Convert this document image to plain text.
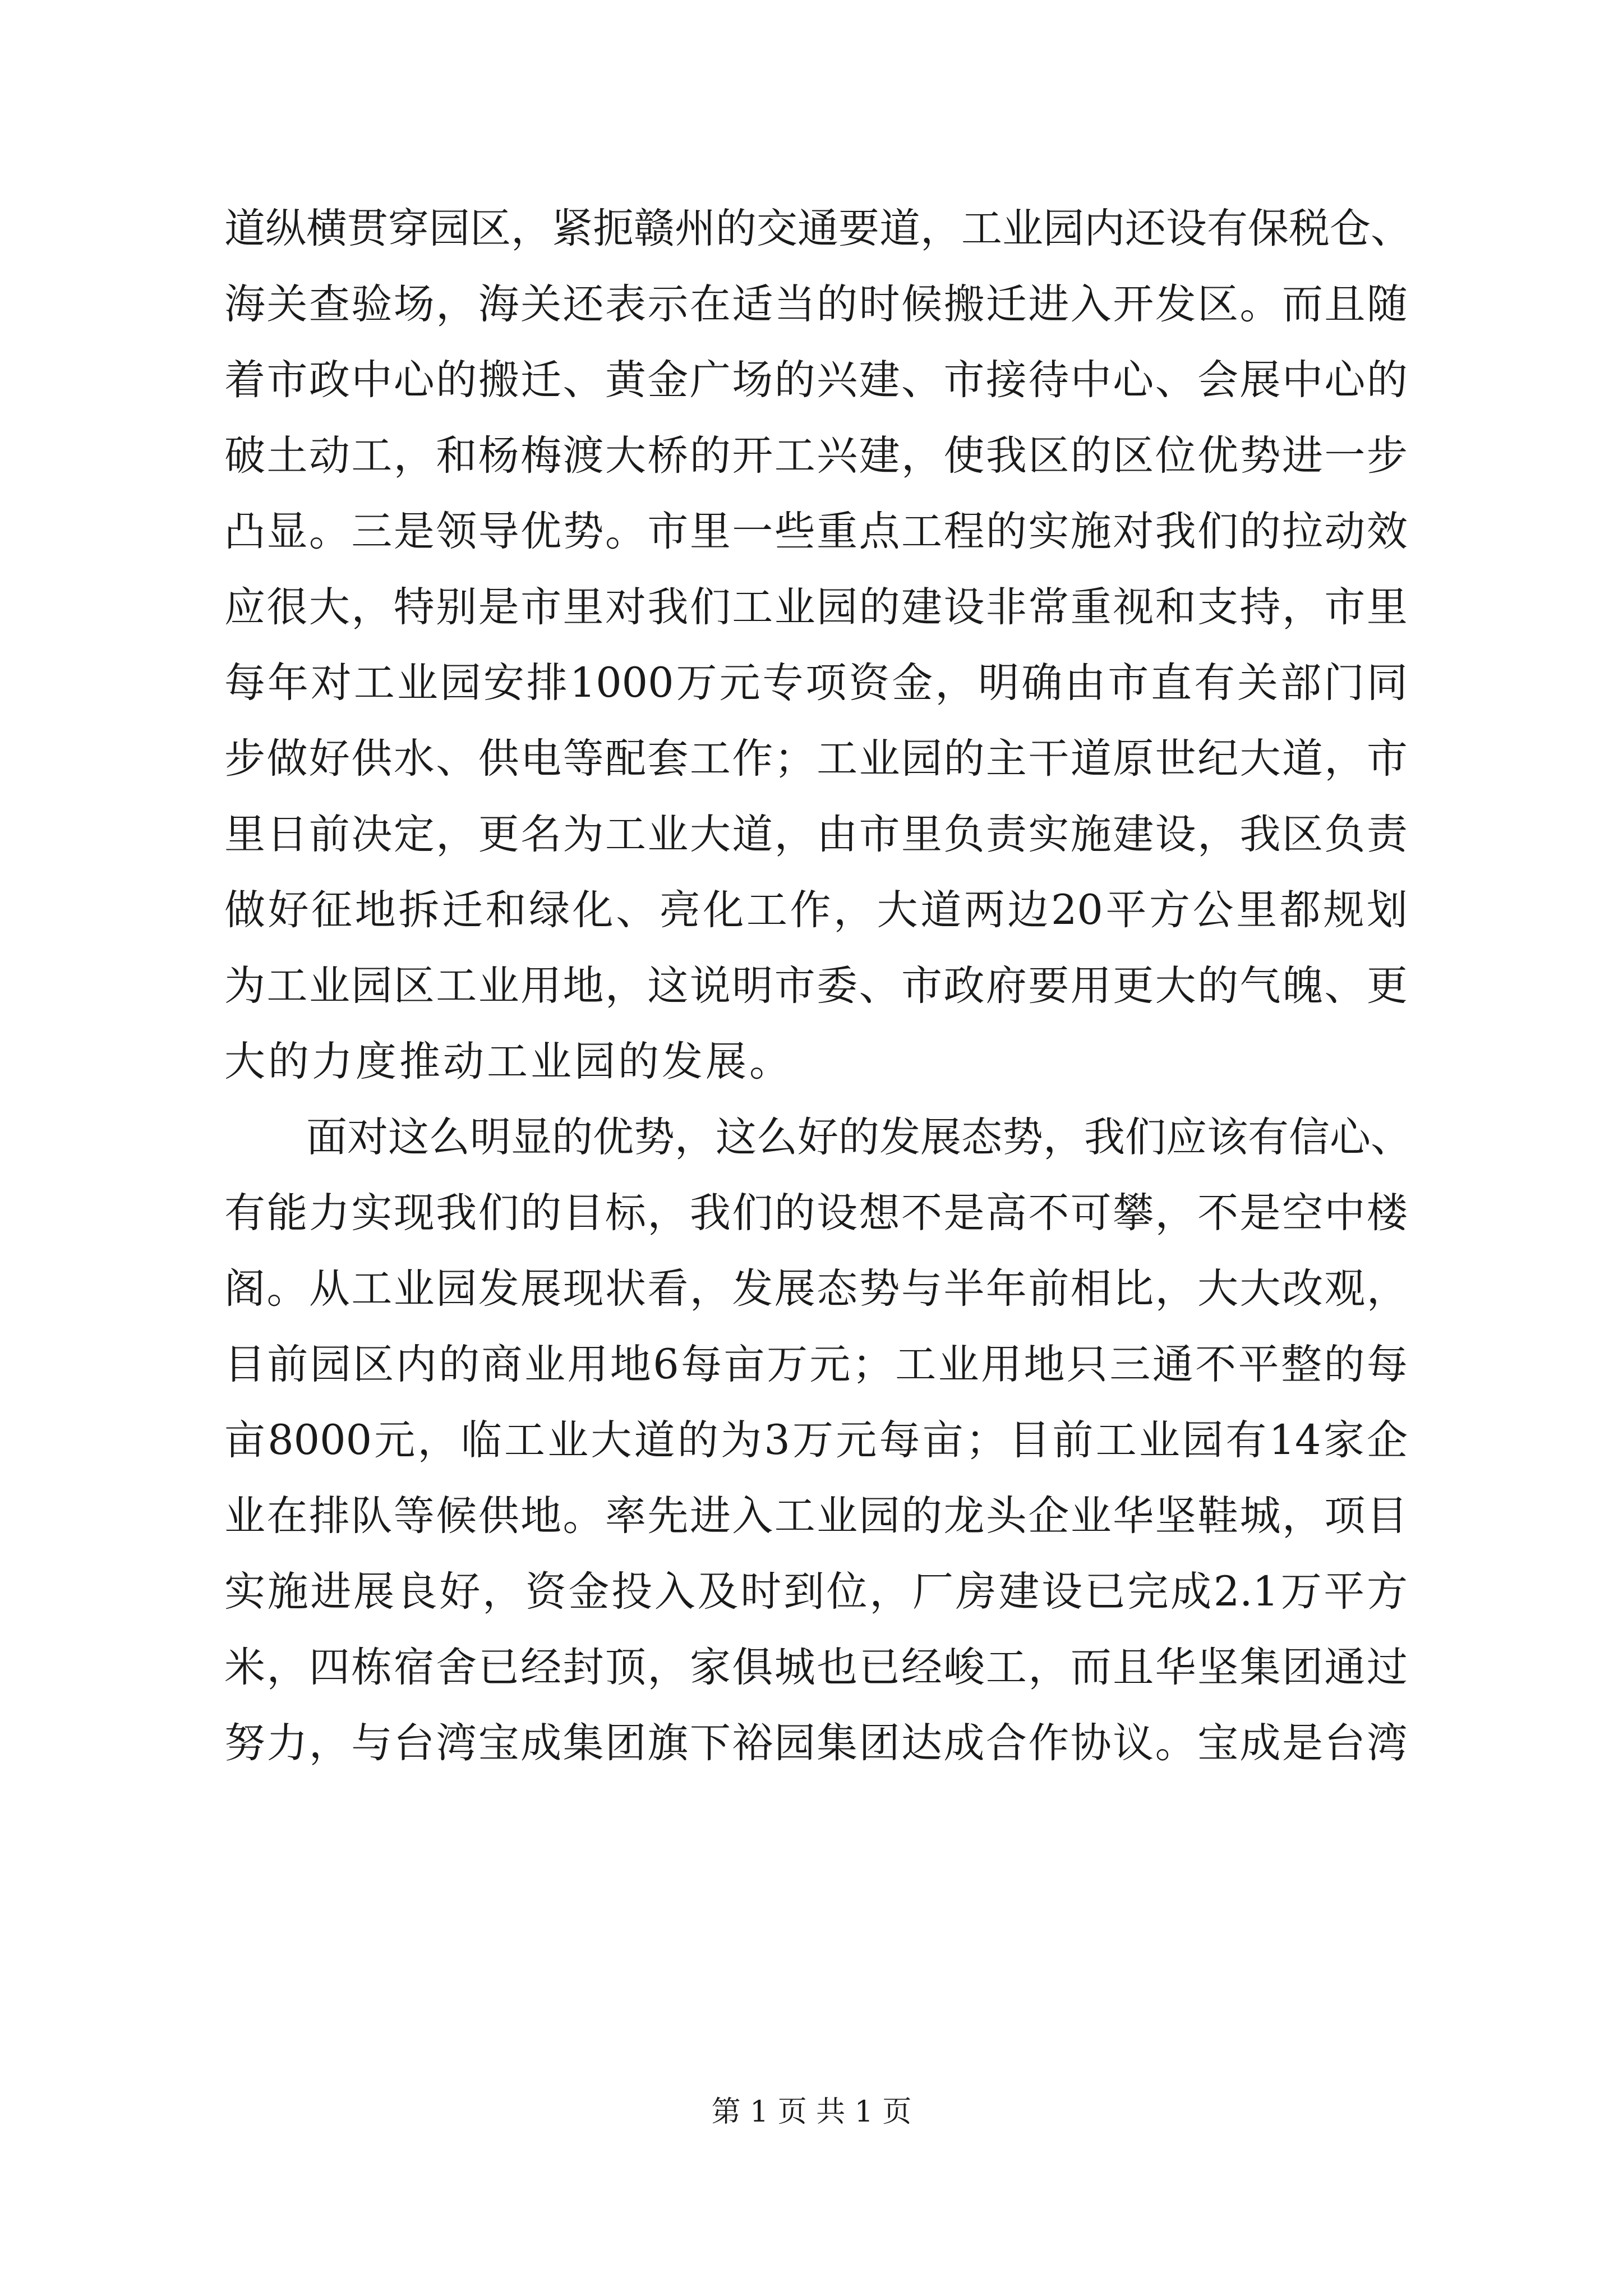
道 纵 横 贯 穿 园 区 ， 紧 扼 赣 州 的 交 通 要 道 ， 工 业 园 内 还 设 有 保 税 仓 、
海 关 查 验 场 ， 海 关 还 表 示 在 适 当 的 时 候 搬 迁 进 入 开 发 区 。 而 且 随
着 市 政 中 心 的 搬 迁 、 黄 金 广 场 的 兴 建 、 市 接 待 中 心 、 会 展 中 心 的
破 土 动 工 ， 和 杨 梅 渡 大 桥 的 开 工 兴 建 ， 使 我 区 的 区 位 优 势 进 一 步
凸 显 。 三 是 领 导 优 势 。 市 里 一 些 重 点 工 程 的 实 施 对 我 们 的 拉 动 效
应 很 大 ， 特 别 是 市 里 对 我 们 工 业 园 的 建 设 非 常 重 视 和 支 持 ， 市 里
每 年 对 工 业 园 安 排 1000 万 元 专 项 资 金 ， 明 确 由 市 直 有 关 部 门 同
步 做 好 供 水 、 供 电 等 配 套 工 作 ； 工 业 园 的 主 干 道 原 世 纪 大 道 ， 市
里 日 前 决 定 ， 更 名 为 工 业 大 道 ， 由 市 里 负 责 实 施 建 设 ， 我 区 负 责
做 好 征 地 拆 迁 和 绿 化 、 亮 化 工 作 ， 大 道 两 边 20 平 方 公 里 都 规 划
为 工 业 园 区 工 业 用 地 ， 这 说 明 市 委 、 市 政 府 要 用 更 大 的 气 魄 、 更
大的力度推动工业园的发展。
面 对 这 么 明 显 的 优 势 ， 这 么 好 的 发 展 态 势 ， 我 们 应 该 有 信 心 、
有 能 力 实 现 我 们 的 目 标 ， 我 们 的 设 想 不 是 高 不 可 攀 ， 不 是 空 中 楼
阁 。 从 工 业 园 发 展 现 状 看 ， 发 展 态 势 与 半 年 前 相 比 ， 大 大 改 观 ，
目 前 园 区 内 的 商 业 用 地 6 每 亩 万 元 ； 工 业 用 地 只 三 通 不 平 整 的 每
亩 8000 元 ， 临 工 业 大 道 的 为 3 万 元 每 亩 ； 目 前 工 业 园 有 14 家 企
业 在 排 队 等 候 供 地 。 率 先 进 入 工 业 园 的 龙 头 企 业 华 坚 鞋 城 ， 项 目
实 施 进 展 良 好 ， 资 金 投 入 及 时 到 位 ， 厂 房 建 设 已 完 成 2.1 万 平 方
米 ， 四 栋 宿 舍 已 经 封 顶 ， 家 俱 城 也 已 经 峻 工 ， 而 且 华 坚 集 团 通 过
努 力 ， 与 台 湾 宝 成 集 团 旗 下 裕 园 集 团 达 成 合 作 协 议 。 宝 成 是 台 湾
第 1 页 共 1 页
